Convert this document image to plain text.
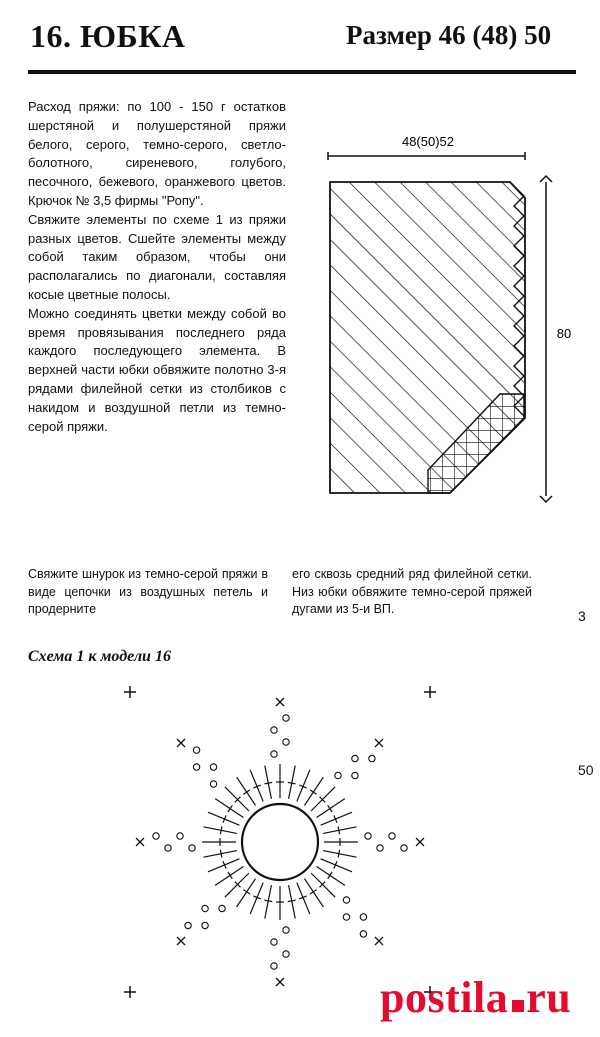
16. ЮБКА	Размер 46 (48) 50

Расход пряжи: по 100 - 150 г остатков шерстяной и полушерстяной пряжи белого, серого, темно-серого, светло-болотного, сиреневого, голубого, песочного, бежевого, оранжевого цветов. Крючок № 3,5 фирмы "Ропу".

Свяжите элементы по схеме 1 из пряжи разных цветов. Сшейте элементы между собой таким образом, чтобы они располагались по диагонали, составляя косые цветные полосы.

Можно соединять цветки между собой во время провязывания последнего ряда каждого последующего элемента. В верхней части юбки обвяжите полотно 3-я рядами филейной сетки из столбиков с накидом и воздушной петли из темно-серой пряжи.

48(50)52
80
Свяжите шнурок из темно-серой пряжи в виде цепочки из воздушных петель и продерните
его сквозь средний ряд филейной сетки. Низ юбки обвяжите темно-серой пряжей дугами из 5-и ВП.	3
50
Схема 1 к модели 16
postila ru
